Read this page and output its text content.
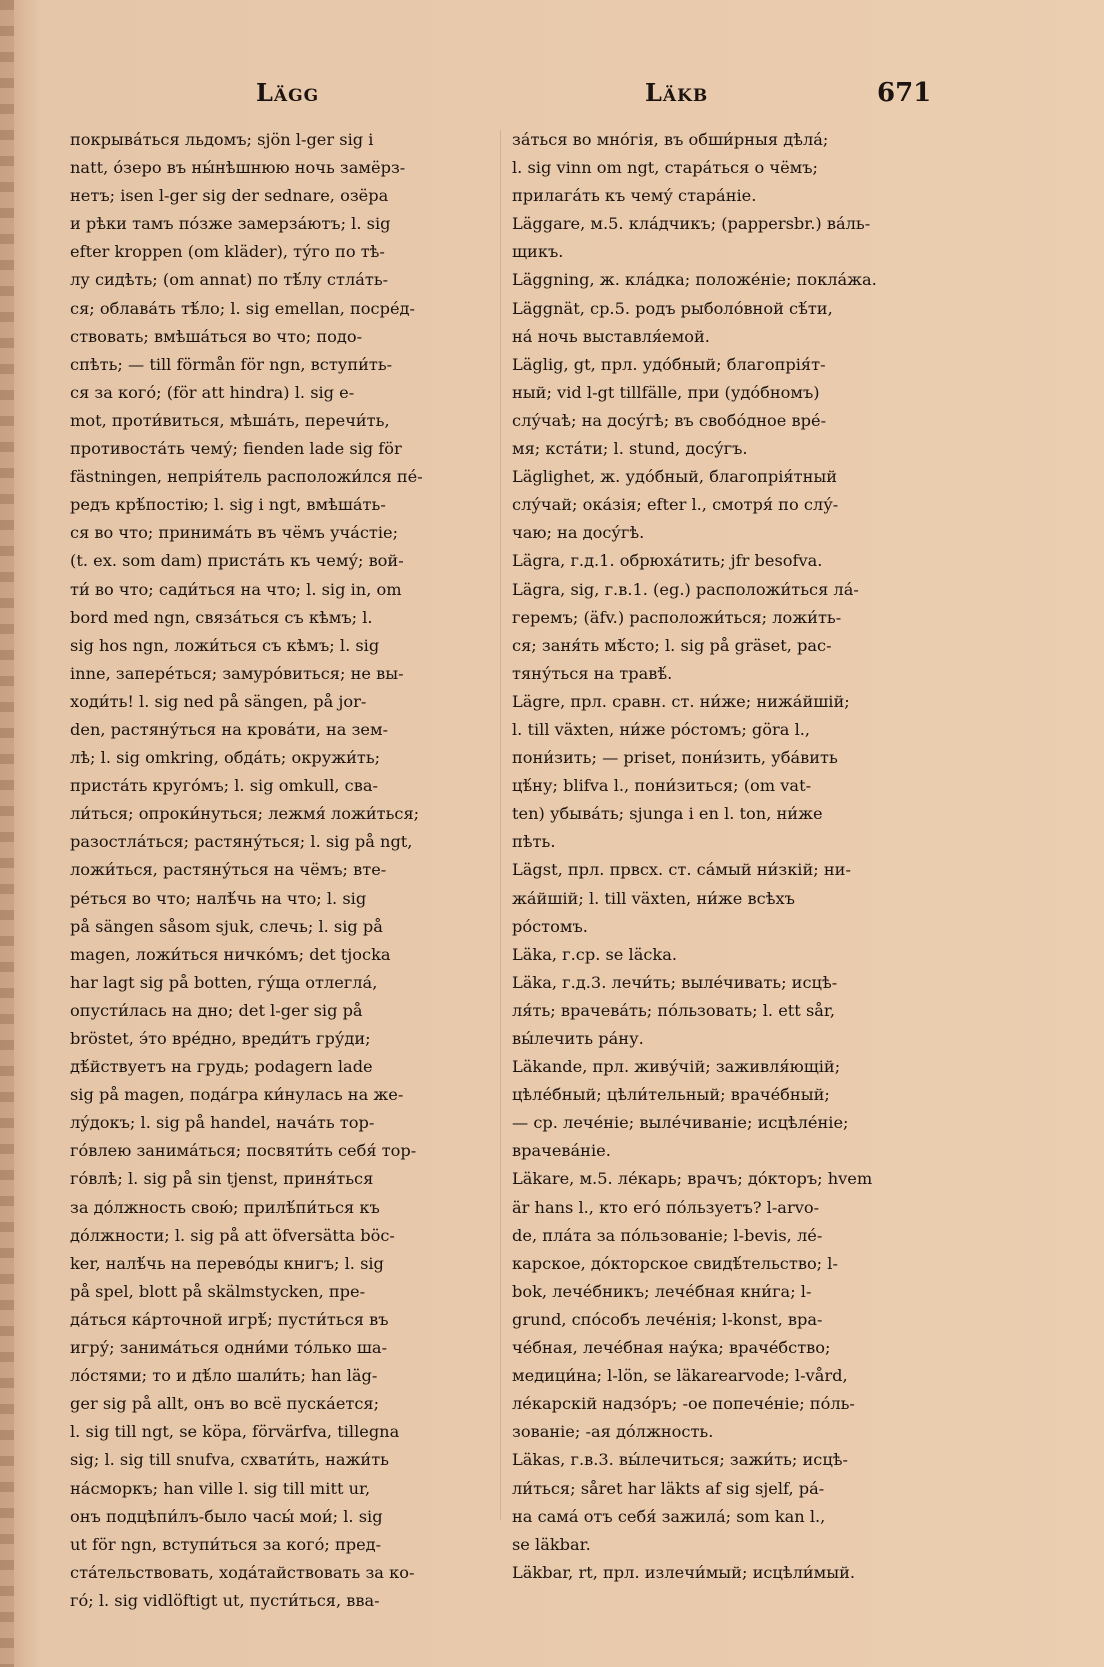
Lägg	Läkb	671
покрыва́ться льдомъ; sjön l-ger sig i
natt, о́зеро въ ны́нѣшнюю ночь замёрз-
нетъ; isen l-ger sig der sednare, озёра
и рѣки тамъ по́зже замерза́ютъ; l. sig
efter kroppen (om kläder), ту́го по тѣ-
лу сидѣть; (om annat) по тѣ́лу стла́ть-
ся; облава́ть тѣ́ло; l. sig emellan, посре́д-
ствовать; вмѣша́ться во что; подо-
спѣть; — till förmån för ngn, вступи́ть-
ся за кого́; (för att hindra) l. sig e-
mot, проти́виться, мѣша́ть, перечи́ть,
противоста́ть чему́; fienden lade sig för
fästningen, непрія́тель расположи́лся пе́-
редъ крѣ́постію; l. sig i ngt, вмѣша́ть-
ся во что; принима́ть въ чёмъ уча́стіе;
(t. ex. som dam) приста́ть къ чему́; вой-
ти́ во что; сади́ться на что; l. sig in, om
bord med ngn, связа́ться съ кѣмъ; l.
sig hos ngn, ложи́ться съ кѣмъ; l. sig
inne, запере́ться; замуро́виться; не вы-
ходи́ть! l. sig ned på sängen, på jor-
den, растяну́ться на крова́ти, на зем-
лѣ; l. sig omkring, обда́ть; окружи́ть;
приста́ть круго́мъ; l. sig omkull, сва-
ли́ться; опроки́нуться; лежмя́ ложи́ться;
разостла́ться; растяну́ться; l. sig på ngt,
ложи́ться, растяну́ться на чёмъ; вте-
ре́ться во что; налѣ́чь на что; l. sig
på sängen såsom sjuk, слечь; l. sig på
magen, ложи́ться ничко́мъ; det tjocka
har lagt sig på botten, гу́ща отлегла́,
опусти́лась на дно; det l-ger sig på
bröstet, э́то вре́дно, вреди́тъ гру́ди;
дѣ́йствуетъ на грудь; podagern lade
sig på magen, пода́гра ки́нулась на же-
лу́докъ; l. sig på handel, нача́ть тор-
го́влею занима́ться; посвяти́ть себя́ тор-
го́влѣ; l. sig på sin tjenst, приня́ться
за до́лжность свою́; прилѣ́пи́ться къ
до́лжности; l. sig på att öfversätta böc-
ker, налѣ́чь на перево́ды книгъ; l. sig
på spel, blott på skälmstycken, пре-
да́ться ка́рточной игрѣ́; пусти́ться въ
игру́; занима́ться одни́ми то́лько ша-
ло́стями; то и дѣ́ло шали́ть; han läg-
ger sig på allt, онъ во всё пуска́ется;
l. sig till ngt, se köpa, förvärfva, tillegna
sig; l. sig till snufva, схвати́ть, нажи́ть
на́сморкъ; han ville l. sig till mitt ur,
онъ подцѣпи́лъ-было часы́ мои́; l. sig
ut för ngn, вступи́ться за кого́; пред-
ста́тельствовать, хода́тайствовать за ко-
го́; l. sig vidlöftigt ut, пусти́ться, вва-
за́ться во мно́гія, въ обши́рныя дѣла́;
l. sig vinn om ngt, стара́ться о чёмъ;
прилага́ть къ чему́ стара́ніе.
Läggare, м.5. кла́дчикъ; (pappersbr.) ва́ль-
щикъ.
Läggning, ж. кла́дка; положе́ніе; покла́жа.
Läggnät, ср.5. родъ рыболо́вной сѣ́ти,
на́ ночь выставля́емой.
Läglig, gt, прл. удо́бный; благопрія́т-
ный; vid l-gt tillfälle, при (удо́бномъ)
слу́чаѣ; на досу́гѣ; въ свобо́дное вре́-
мя; кста́ти; l. stund, досу́гъ.
Läglighet, ж. удо́бный, благопрія́тный
слу́чай; ока́зія; efter l., смотря́ по слу́-
чаю; на досу́гѣ.
Lägra, г.д.1. обрюха́тить; jfr besofva.
Lägra, sig, г.в.1. (eg.) расположи́ться ла́-
геремъ; (äfv.) расположи́ться; ложи́ть-
ся; заня́ть мѣ́сто; l. sig på gräset, рас-
тяну́ться на травѣ́.
Lägre, прл. сравн. ст. ни́же; нижа́йшій;
l. till växten, ни́же ро́стомъ; göra l.,
пони́зить; — priset, пони́зить, уба́вить
цѣ́ну; blifva l., пони́зиться; (om vat-
ten) убыва́ть; sjunga i en l. ton, ни́же
пѣть.
Lägst, прл. првсх. ст. са́мый ни́зкій; ни-
жа́йшій; l. till växten, ни́же всѣхъ
ро́стомъ.
Läka, г.ср. se läcka.
Läka, г.д.3. лечи́ть; выле́чивать; исцѣ-
ля́ть; врачева́ть; по́льзовать; l. ett sår,
вы́лечить ра́ну.
Läkande, прл. живу́чій; заживля́ющій;
цѣле́бный; цѣли́тельный; враче́бный;
— ср. лече́ніе; выле́чиваніе; исцѣле́ніе;
врачева́ніе.
Läkare, м.5. ле́карь; врачъ; до́кторъ; hvem
är hans l., кто его́ по́льзуетъ? l-arvo-
de, пла́та за по́льзованіе; l-bevis, ле́-
карское, до́кторское свидѣ́тельство; l-
bok, лече́бникъ; лече́бная кни́га; l-
grund, спо́собъ лече́нія; l-konst, вра-
че́бная, лече́бная нау́ка; враче́бство;
медици́на; l-lön, se läkarearvode; l-vård,
ле́карскій надзо́ръ; -ое попече́ніе; по́ль-
зованіе; -ая до́лжность.
Läkas, г.в.3. вы́лечиться; зажи́ть; исцѣ-
ли́ться; såret har läkts af sig sjelf, ра́-
на сама́ отъ себя́ зажила́; som kan l.,
se läkbar.
Läkbar, rt, прл. излечи́мый; исцѣли́мый.
